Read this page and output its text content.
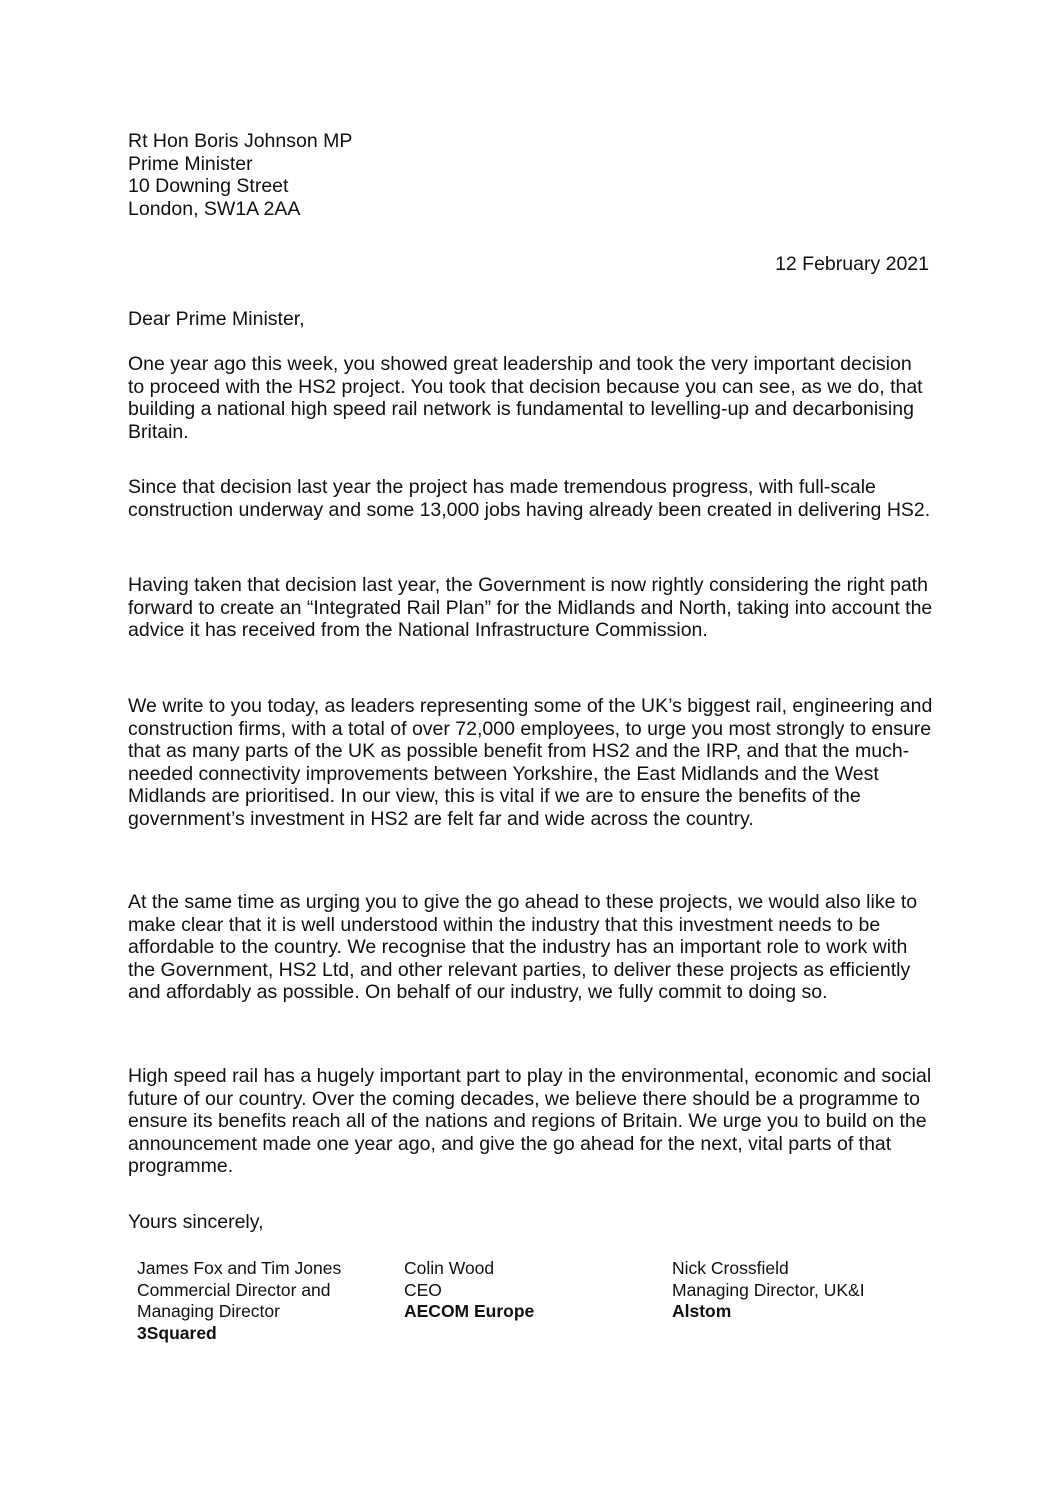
Rt Hon Boris Johnson MP
Prime Minister
10 Downing Street
London, SW1A 2AA
12 February 2021
Dear Prime Minister,
One year ago this week, you showed great leadership and took the very important decision to proceed with the HS2 project. You took that decision because you can see, as we do, that building a national high speed rail network is fundamental to levelling-up and decarbonising Britain.
Since that decision last year the project has made tremendous progress, with full-scale construction underway and some 13,000 jobs having already been created in delivering HS2.
Having taken that decision last year, the Government is now rightly considering the right path forward to create an “Integrated Rail Plan” for the Midlands and North, taking into account the advice it has received from the National Infrastructure Commission.
We write to you today, as leaders representing some of the UK’s biggest rail, engineering and construction firms, with a total of over 72,000 employees, to urge you most strongly to ensure that as many parts of the UK as possible benefit from HS2 and the IRP, and that the much-needed connectivity improvements between Yorkshire, the East Midlands and the West Midlands are prioritised. In our view, this is vital if we are to ensure the benefits of the government’s investment in HS2 are felt far and wide across the country.
At the same time as urging you to give the go ahead to these projects, we would also like to make clear that it is well understood within the industry that this investment needs to be affordable to the country. We recognise that the industry has an important role to work with the Government, HS2 Ltd, and other relevant parties, to deliver these projects as efficiently and affordably as possible. On behalf of our industry, we fully commit to doing so.
High speed rail has a hugely important part to play in the environmental, economic and social future of our country. Over the coming decades, we believe there should be a programme to ensure its benefits reach all of the nations and regions of Britain. We urge you to build on the announcement made one year ago, and give the go ahead for the next, vital parts of that programme.
Yours sincerely,
James Fox and Tim Jones
Commercial Director and
Managing Director
3Squared
Colin Wood
CEO
AECOM Europe
Nick Crossfield
Managing Director, UK&I
Alstom
